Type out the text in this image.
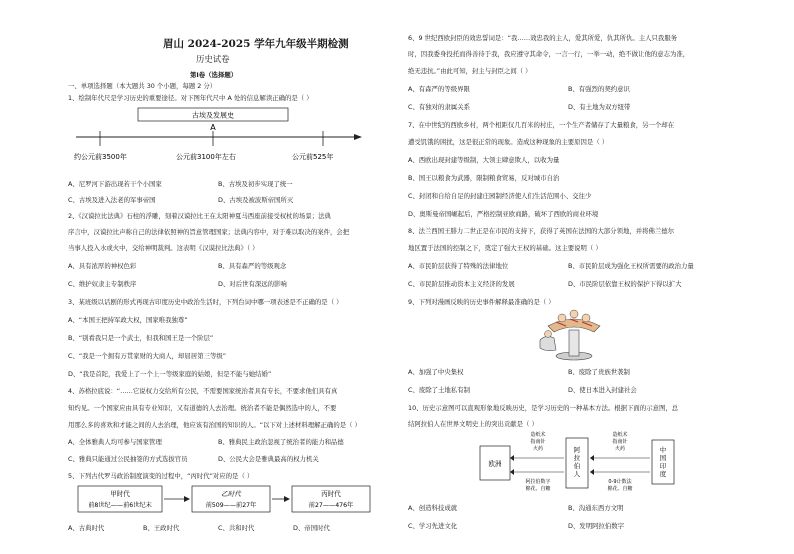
眉山 2024-2025 学年九年级半期检测
历史试卷
第Ⅰ卷（选择题）
一、单项选择题（本大题共 30 个小题，每题 2 分）
1、绘制年代尺是学习历史的重要途径。对下图年代尺中 A 处的信息解读正确的是（ ）
古埃及发展史
A
约公元前3500年	公元前3100年左右	公元前525年
A、尼罗河下游出现若干个小国家	B、古埃及初步实现了统一
C、古埃及进入法老的军事帝国	D、古埃及被波斯帝国所灭
2、《汉谟拉比法典》石柱的浮雕，刻着汉谟拉比王在太阳神夏马西座前接受权杖的场景；法典
序言中，汉谟拉比声称自己的法律依照神的旨意管理国家；法典内容中，对于难以取决的案件，会把
当事人投入水或火中，交给神明裁判。这表明《汉谟拉比法典》（ ）
A、具有浓厚的神权色彩	B、具有森严的等级观念
C、维护奴隶主专制秩序	D、对后世有深远的影响
3、某班级以话剧的形式再现古印度历史中政治生活时，下列台词中哪一项表述是不正确的是（ ）
A、“本国王把持军政大权，国家唯我独尊”
B、“别看我只是一个武士，但我和国王是一个阶层”
C、“我是一个拥有万贯家财的大商人，却屈居第三等级”
D、“我是首陀，我爱上了一个上一等级家庭的姑娘，但是不能与她结婚”
4、苏格拉底说：“……它说权力交给所有公民，不需要国家统治者具有专长，不要求他们具有真
知灼见。一个国家应由具有专业知识，又有道德的人去治理。统治者不能是偶然选中的人，不要
用那么多的喜欢和才能之间的人去治理，他应该有治国的知识的人。“以下对上述材料理解正确的是（ ）
A、全体雅典人均可参与国家管理	B、雅典民主政治忽视了统治者的能力和品德
C、雅典只能通过公民抽签的方式选拔官员	D、公民大会是雅典最高的权力机关
5、下列古代罗马政治制度演变的过程中，“丙时代”对应的是（ ）
甲时代
前8世纪——前6世纪末
乙时代
前509——前27年
丙时代
前27——476年
A、古典时代	B、王政时代	C、共和时代	D、帝国时代
6、9 世纪西欧封臣的效忠誓词是：“我……效忠我的主人，爱其所爱，仇其所仇。主人只我服务
时，因我委身投托而得善待于我，我应遵守其命令，一言一行，一举一动，绝不做让他的意志为准，
绝无违抗。”由此可知，封主与封臣之间（ ）
A、有森严的等级界限	B、有强烈的契约意识
C、有独对的隶属关系	D、有土地为双方纽带
7、在中世纪的西欧乡村，两个相距仅几百米的村庄，一个生产者储存了大量粮食，另一个却在
遭受饥饿的困扰，这是很正常的现象。造成这种现象的主要原因是（ ）
A、西欧出现封建等级制，大领主肆意欺人，以收为量
B、国王以粮食为武器，限制粮食贸易，反对城市自治
C、封闭和自给自足的封建庄园制经济使人们生活范围小、交往少
D、奥斯曼帝国崛起后，严格控制亚欧商路，破坏了西欧的商业环境
8、法兰西国王腓力二世正是在市民的支持下，获得了英国在法国的大部分领地，并将佛兰德尔
地区置于法国的控制之下，奠定了强大王权的基础。这主要说明（ ）
A、市民阶层获得了特殊的法律地位	B、市民阶层成为强化王权所需要的政治力量
C、市民阶层推动资本主义经济的发展	D、市民阶层依靠王权的保护下得以扩大
9、下列对漫画反映的历史事件解释最准确的是（ ）
A、加强了中央集权	B、废除了贵族世袭制
C、废除了土地私有制	D、使日本进入封建社会
10、历史示意图可以直观形象地反映历史，是学习历史的一种基本方法。根据下面的示意图，总
结阿拉伯人在世界文明史上的突出贡献是（ ）
欧洲
阿
拉
伯
人
中
国
印
度
造纸术
指南针
火药
造纸术
指南针
火药
阿拉伯数字
棉花、自糖
0-9计数法
棉花、自糖
A、创造科技成就	B、沟通东西方文明
C、学习先进文化	D、发明阿拉伯数字
